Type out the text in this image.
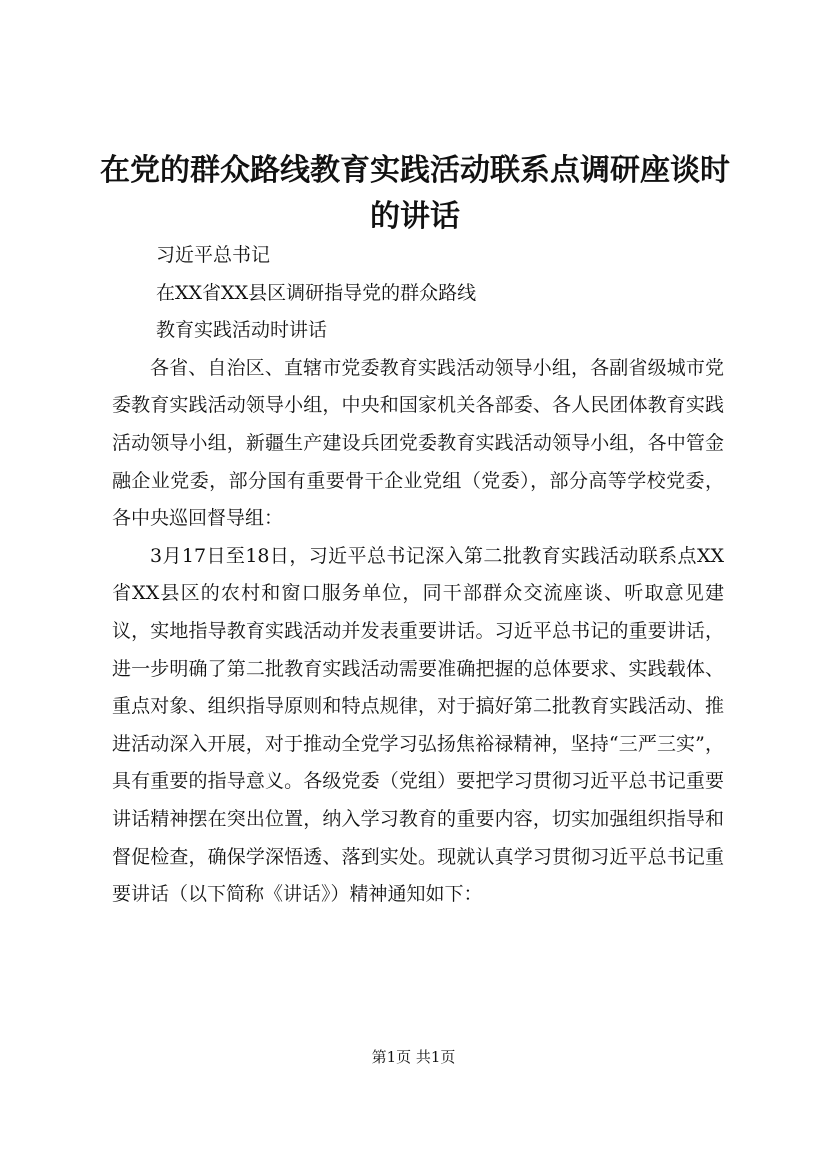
在党的群众路线教育实践活动联系点调研座谈时的讲话

习近平总书记

在XX省XX县区调研指导党的群众路线

教育实践活动时讲话

各省、自治区、直辖市党委教育实践活动领导小组，各副省级城市党委教育实践活动领导小组，中央和国家机关各部委、各人民团体教育实践活动领导小组，新疆生产建设兵团党委教育实践活动领导小组，各中管金融企业党委，部分国有重要骨干企业党组（党委），部分高等学校党委，各中央巡回督导组：

3月17日至18日，习近平总书记深入第二批教育实践活动联系点XX省XX县区的农村和窗口服务单位，同干部群众交流座谈、听取意见建议，实地指导教育实践活动并发表重要讲话。习近平总书记的重要讲话，进一步明确了第二批教育实践活动需要准确把握的总体要求、实践载体、重点对象、组织指导原则和特点规律，对于搞好第二批教育实践活动、推进活动深入开展，对于推动全党学习弘扬焦裕禄精神，坚持“三严三实”，具有重要的指导意义。各级党委（党组）要把学习贯彻习近平总书记重要讲话精神摆在突出位置，纳入学习教育的重要内容，切实加强组织指导和督促检查，确保学深悟透、落到实处。现就认真学习贯彻习近平总书记重要讲话（以下简称《讲话》）精神通知如下：

第1页 共1页
